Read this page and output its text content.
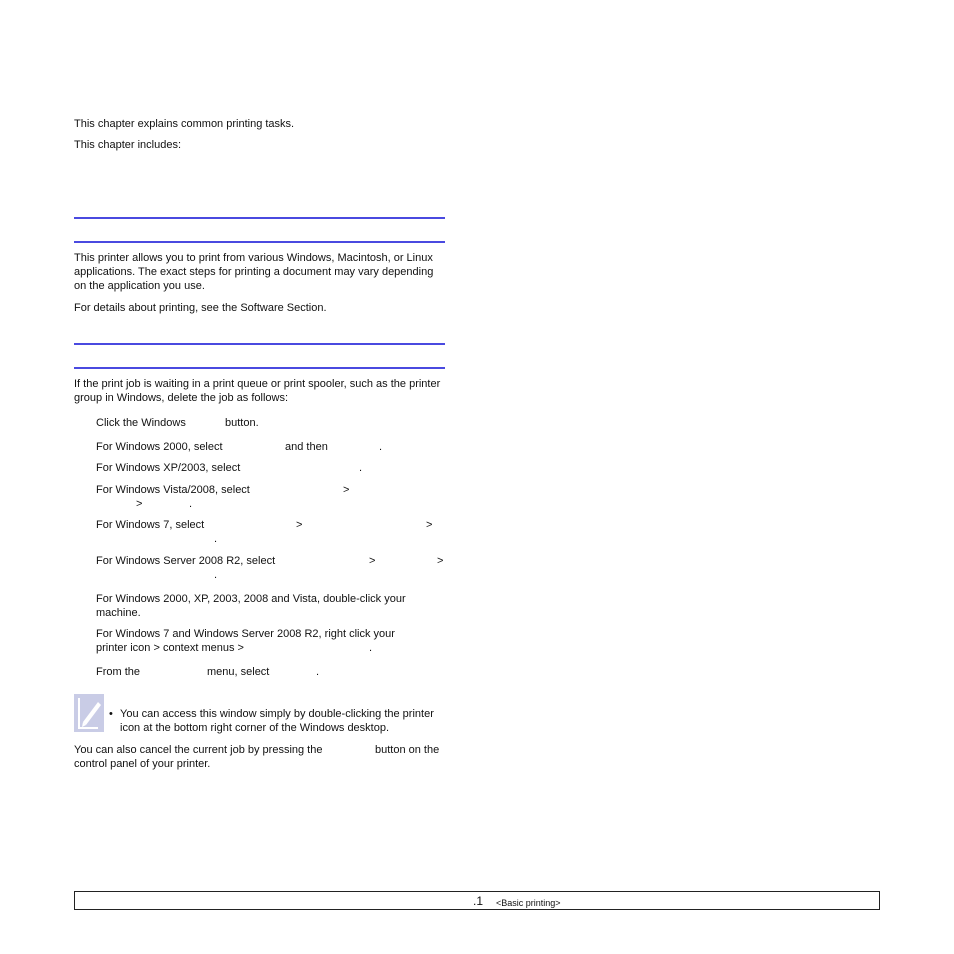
This chapter explains common printing tasks.

This chapter includes:

This printer allows you to print from various Windows, Macintosh, or Linux applications. The exact steps for printing a document may vary depending on the application you use.

For details about printing, see the Software Section.

If the print job is waiting in a print queue or print spooler, such as the printer group in Windows, delete the job as follows:

Click the Windows	button.
For Windows 2000, select	and then	.
For Windows XP/2003, select	.
For Windows Vista/2008, select	>
>	.
For Windows 7, select	>	>
.
For Windows Server 2008 R2, select	>	>
.

For Windows 2000, XP, 2003, 2008 and Vista, double-click your machine.

For Windows 7 and Windows Server 2008 R2, right click your printer icon > context menus >	.
From the	menu, select	.
• You can access this window simply by double-clicking the printer icon at the bottom right corner of the Windows desktop.

You can also cancel the current job by pressing the	button on the
control panel of your printer.
.1 <Basic printing>
